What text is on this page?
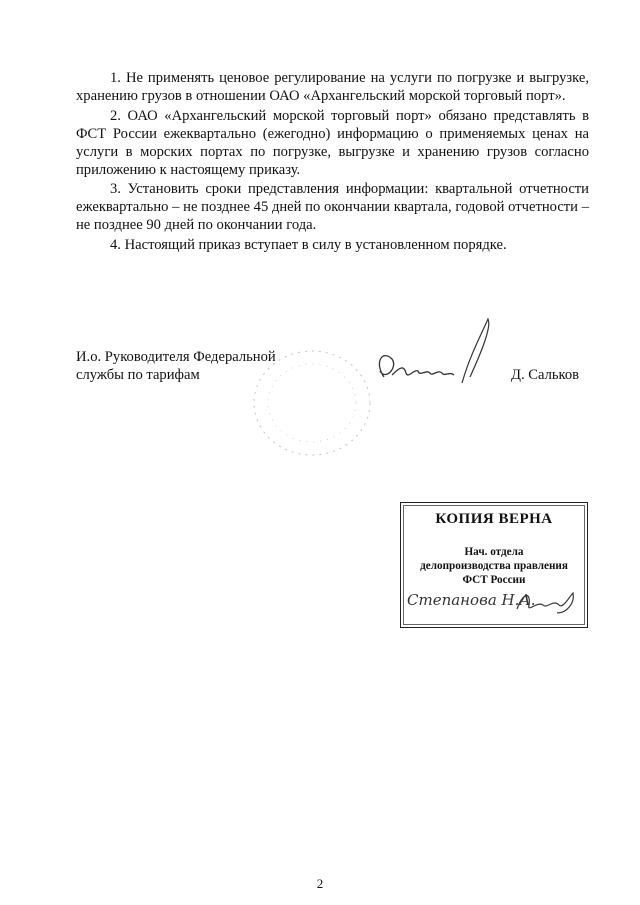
1. Не применять ценовое регулирование на услуги по погрузке и выгрузке, хранению грузов в отношении ОАО «Архангельский морской торговый порт».

2. ОАО «Архангельский морской торговый порт» обязано представлять в ФСТ России ежеквартально (ежегодно) информацию о применяемых ценах на услуги в морских портах по погрузке, выгрузке и хранению грузов согласно приложению к настоящему приказу.

3. Установить сроки представления информации: квартальной отчетности ежеквартально – не позднее 45 дней по окончании квартала, годовой отчетности – не позднее 90 дней по окончании года.

4. Настоящий приказ вступает в силу в установленном порядке.

И.о. Руководителя Федеральной
службы по тарифам	Д. Сальков
КОПИЯ ВЕРНА
Нач. отдела
делопроизводства правления
ФСТ России
Степанова Н.А.
2
